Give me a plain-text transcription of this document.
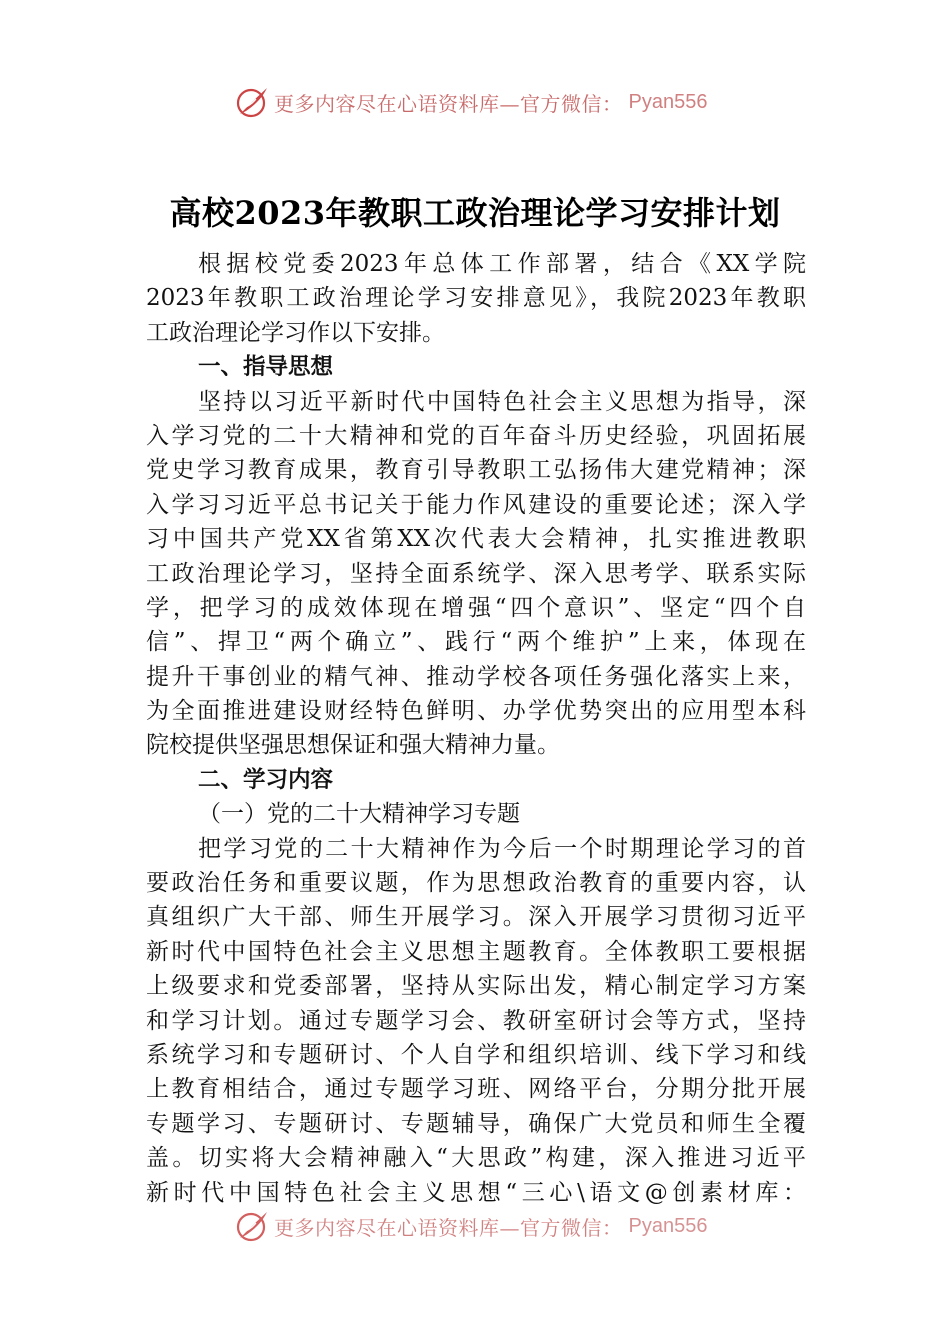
更多内容尽在心语资料库—官方微信： Pyan556
高校2023年教职工政治理论学习安排计划
根据校党委2023年总体工作部署，结合《XX学院
2023年教职工政治理论学习安排意见》，我院2023年教职
工政治理论学习作以下安排。
一、指导思想
坚持以习近平新时代中国特色社会主义思想为指导，深
入学习党的二十大精神和党的百年奋斗历史经验，巩固拓展
党史学习教育成果，教育引导教职工弘扬伟大建党精神；深
入学习习近平总书记关于能力作风建设的重要论述；深入学
习中国共产党XX省第XX次代表大会精神，扎实推进教职
工政治理论学习，坚持全面系统学、深入思考学、联系实际
学，把学习的成效体现在增强“四个意识”、坚定“四个自
信”、捍卫“两个确立”、践行“两个维护”上来，体现在
提升干事创业的精气神、推动学校各项任务强化落实上来，
为全面推进建设财经特色鲜明、办学优势突出的应用型本科
院校提供坚强思想保证和强大精神力量。
二、学习内容
（一）党的二十大精神学习专题
把学习党的二十大精神作为今后一个时期理论学习的首
要政治任务和重要议题，作为思想政治教育的重要内容，认
真组织广大干部、师生开展学习。深入开展学习贯彻习近平
新时代中国特色社会主义思想主题教育。全体教职工要根据
上级要求和党委部署，坚持从实际出发，精心制定学习方案
和学习计划。通过专题学习会、教研室研讨会等方式，坚持
系统学习和专题研讨、个人自学和组织培训、线下学习和线
上教育相结合，通过专题学习班、网络平台，分期分批开展
专题学习、专题研讨、专题辅导，确保广大党员和师生全覆
盖。切实将大会精神融入“大思政”构建，深入推进习近平
新时代中国特色社会主义思想“三心\语文@创素材库：
更多内容尽在心语资料库—官方微信： Pyan556
